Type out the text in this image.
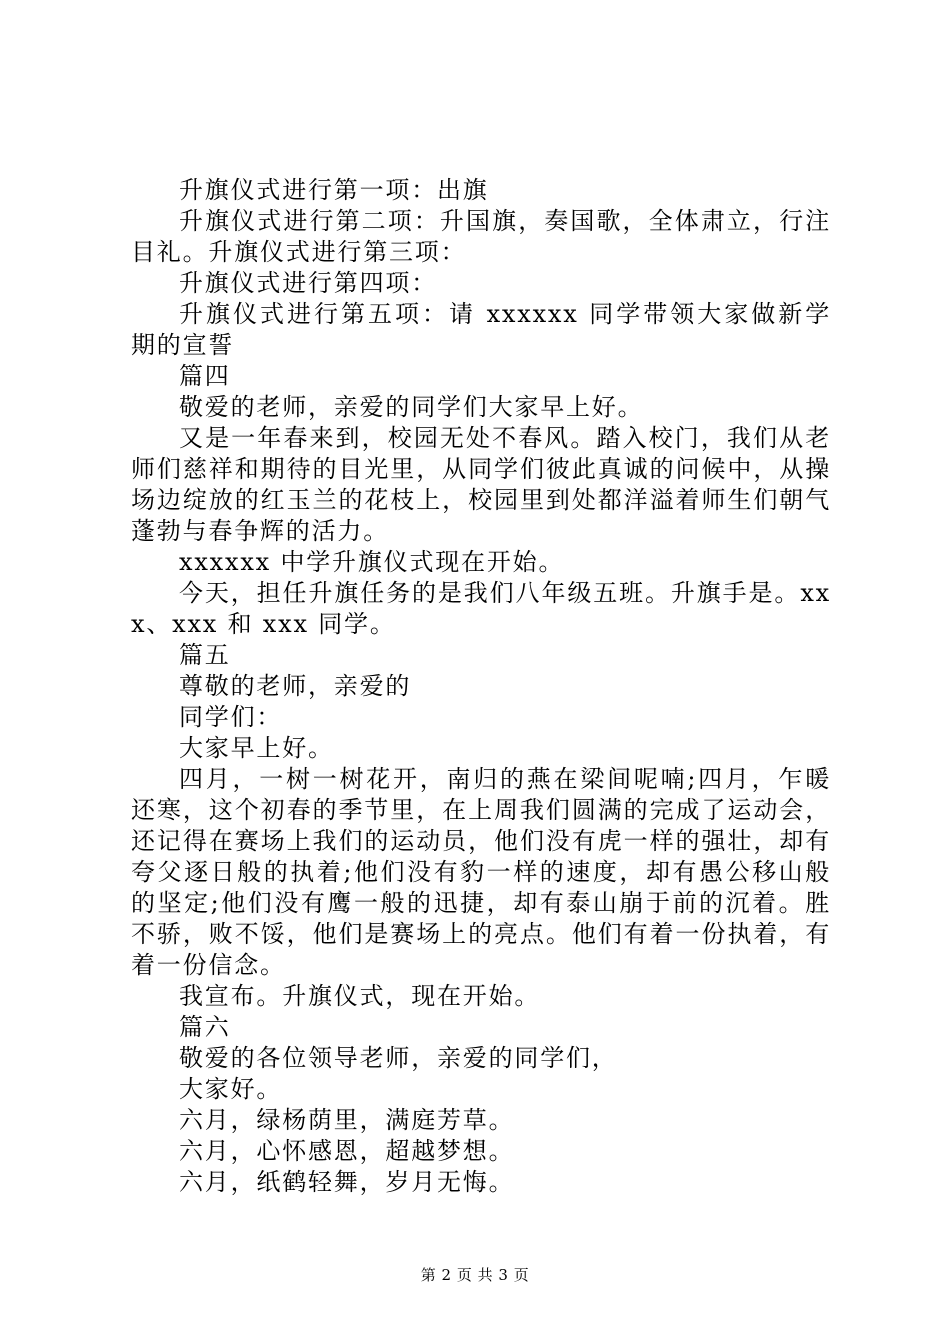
升旗仪式进行第一项：出旗

升旗仪式进行第二项：升国旗，奏国歌，全体肃立，行注目礼。升旗仪式进行第三项：

升旗仪式进行第四项：

升旗仪式进行第五项：请 xxxxxx 同学带领大家做新学期的宣誓

篇四

敬爱的老师，亲爱的同学们大家早上好。

又是一年春来到，校园无处不春风。踏入校门，我们从老师们慈祥和期待的目光里，从同学们彼此真诚的问候中，从操场边绽放的红玉兰的花枝上，校园里到处都洋溢着师生们朝气蓬勃与春争辉的活力。

xxxxxx 中学升旗仪式现在开始。

今天，担任升旗任务的是我们八年级五班。升旗手是。xxx、xxx 和 xxx 同学。

篇五

尊敬的老师，亲爱的

同学们：

大家早上好。

四月，一树一树花开，南归的燕在梁间呢喃;四月，乍暖还寒，这个初春的季节里，在上周我们圆满的完成了运动会，还记得在赛场上我们的运动员，他们没有虎一样的强壮，却有夸父逐日般的执着;他们没有豹一样的速度，却有愚公移山般的坚定;他们没有鹰一般的迅捷，却有泰山崩于前的沉着。胜不骄，败不馁，他们是赛场上的亮点。他们有着一份执着，有着一份信念。

我宣布。升旗仪式，现在开始。

篇六

敬爱的各位领导老师，亲爱的同学们，

大家好。

六月，绿杨荫里，满庭芳草。

六月，心怀感恩，超越梦想。

六月，纸鹤轻舞，岁月无悔。

第 2 页 共 3 页
